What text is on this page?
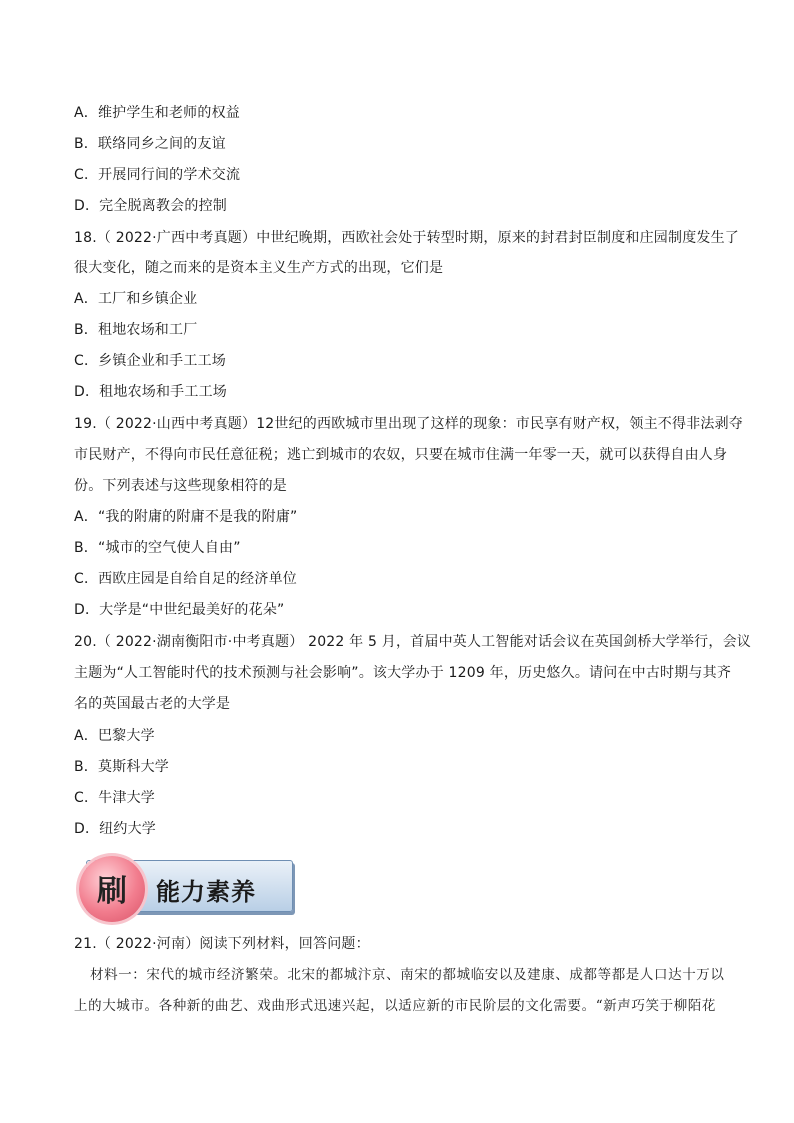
A．维护学生和老师的权益
B．联络同乡之间的友谊
C．开展同行间的学术交流
D．完全脱离教会的控制
18.（ 2022·广西中考真题）中世纪晚期，西欧社会处于转型时期，原来的封君封臣制度和庄园制度发生了
很大变化，随之而来的是资本主义生产方式的出现，它们是
A．工厂和乡镇企业
B．租地农场和工厂
C．乡镇企业和手工工场
D．租地农场和手工工场
19.（ 2022·山西中考真题）12世纪的西欧城市里出现了这样的现象：市民享有财产权，领主不得非法剥夺
市民财产，不得向市民任意征税；逃亡到城市的农奴，只要在城市住满一年零一天，就可以获得自由人身
份。下列表述与这些现象相符的是
A．“我的附庸的附庸不是我的附庸”
B．“城市的空气使人自由”
C．西欧庄园是自给自足的经济单位
D．大学是“中世纪最美好的花朵”
20.（ 2022·湖南衡阳市·中考真题） 2022 年 5 月，首届中英人工智能对话会议在英国剑桥大学举行，会议
主题为“人工智能时代的技术预测与社会影响”。该大学办于 1209 年，历史悠久。请问在中古时期与其齐
名的英国最古老的大学是
A．巴黎大学
B．莫斯科大学
C．牛津大学
D．纽约大学
刷	能力素养
21.（ 2022·河南）阅读下列材料，回答问题：
材料一：宋代的城市经济繁荣。北宋的都城汴京、南宋的都城临安以及建康、成都等都是人口达十万以
上的大城市。各种新的曲艺、戏曲形式迅速兴起，以适应新的市民阶层的文化需要。“新声巧笑于柳陌花
